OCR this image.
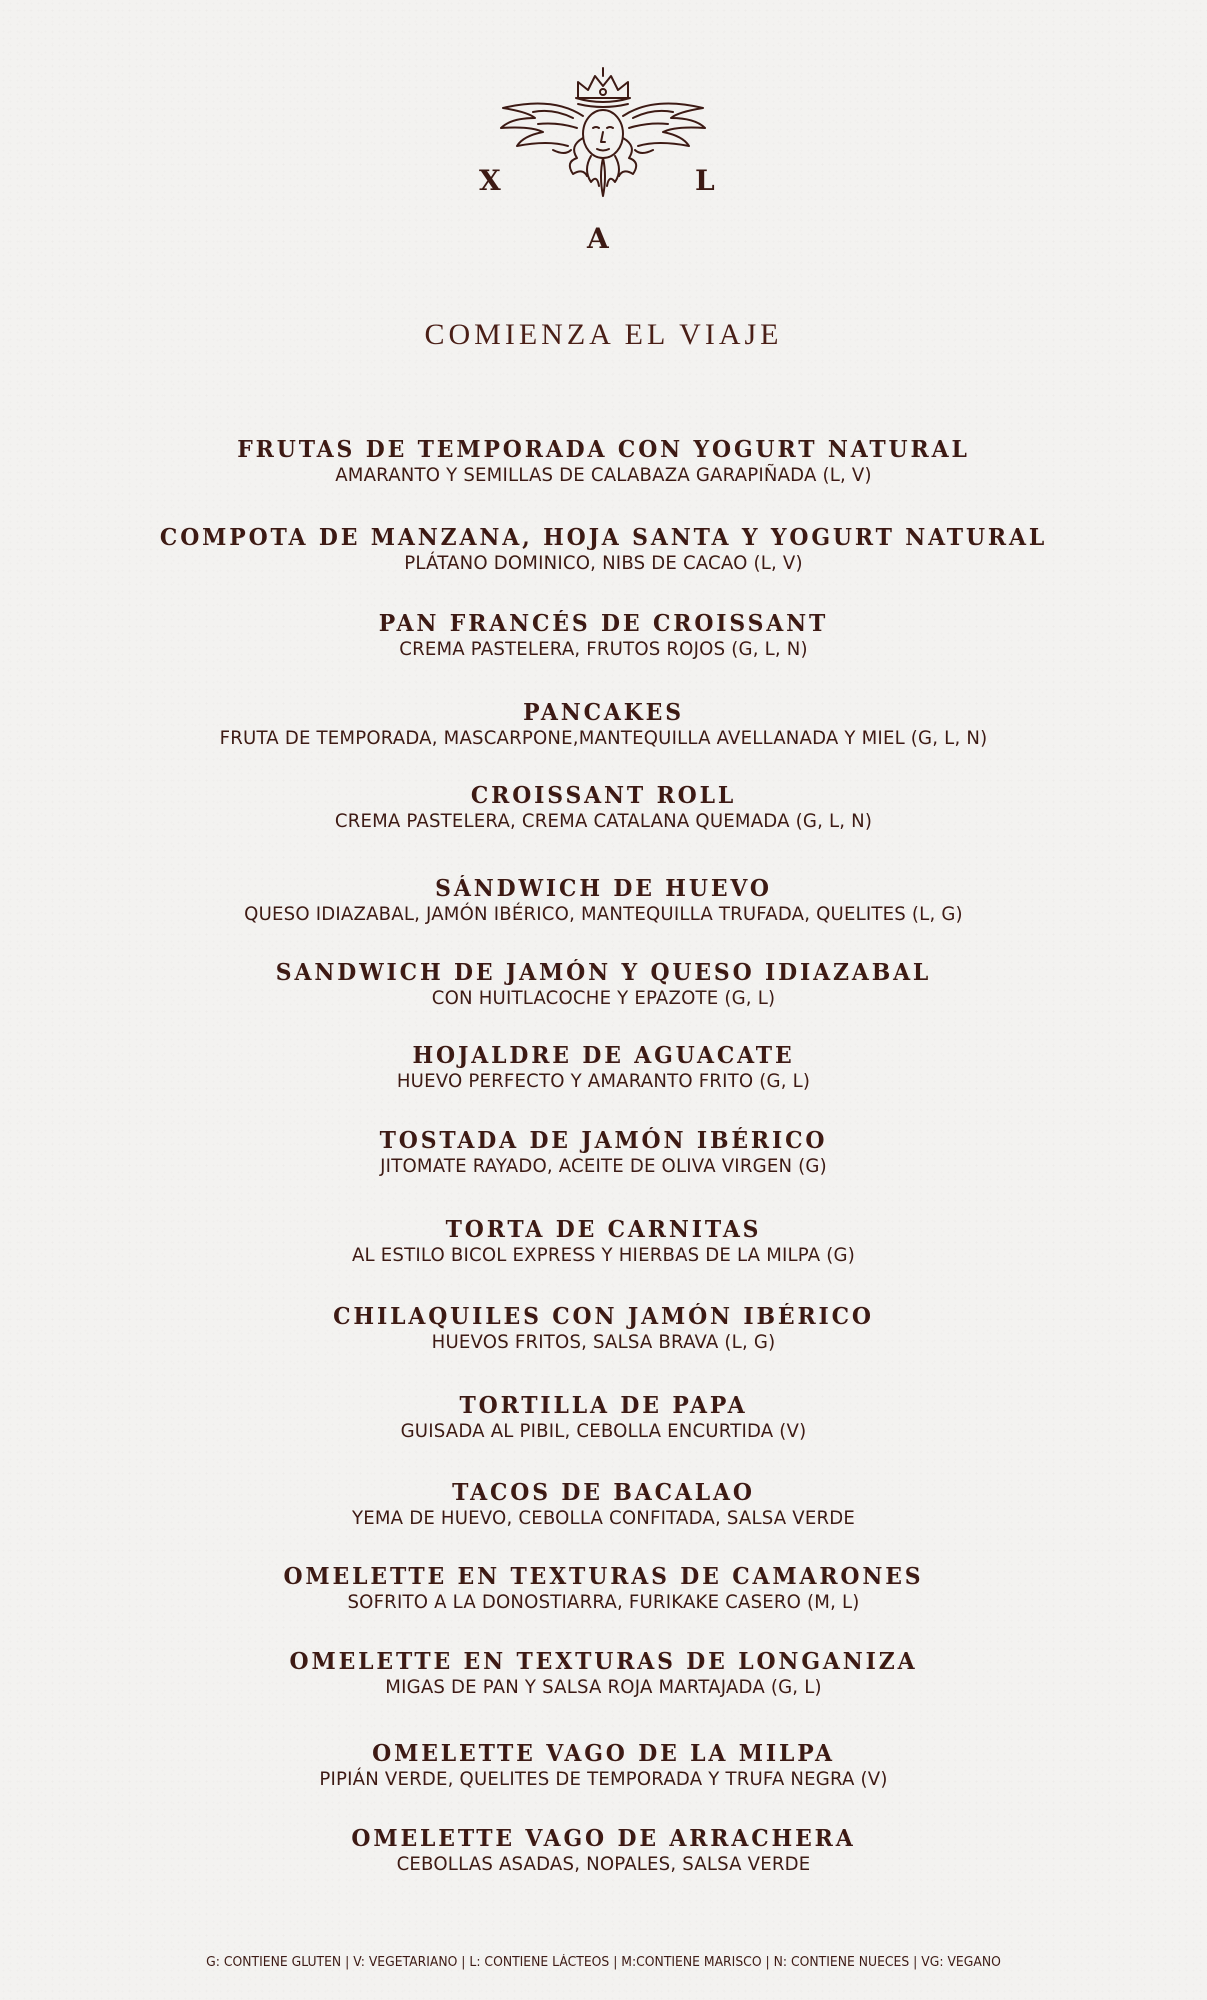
X	L
A
COMIENZA EL VIAJE
FRUTAS DE TEMPORADA CON YOGURT NATURAL
AMARANTO Y SEMILLAS DE CALABAZA GARAPIÑADA (L, V)
COMPOTA DE MANZANA, HOJA SANTA Y YOGURT NATURAL
PLÁTANO DOMINICO, NIBS DE CACAO (L, V)
PAN FRANCÉS DE CROISSANT
CREMA PASTELERA, FRUTOS ROJOS (G, L, N)
PANCAKES
FRUTA DE TEMPORADA, MASCARPONE,MANTEQUILLA AVELLANADA Y MIEL (G, L, N)
CROISSANT ROLL
CREMA PASTELERA, CREMA CATALANA QUEMADA (G, L, N)
SÁNDWICH DE HUEVO
QUESO IDIAZABAL, JAMÓN IBÉRICO, MANTEQUILLA TRUFADA, QUELITES (L, G)
SANDWICH DE JAMÓN Y QUESO IDIAZABAL
CON HUITLACOCHE Y EPAZOTE (G, L)
HOJALDRE DE AGUACATE
HUEVO PERFECTO Y AMARANTO FRITO (G, L)
TOSTADA DE JAMÓN IBÉRICO
JITOMATE RAYADO, ACEITE DE OLIVA VIRGEN (G)
TORTA DE CARNITAS
AL ESTILO BICOL EXPRESS Y HIERBAS DE LA MILPA (G)
CHILAQUILES CON JAMÓN IBÉRICO
HUEVOS FRITOS, SALSA BRAVA (L, G)
TORTILLA DE PAPA
GUISADA AL PIBIL, CEBOLLA ENCURTIDA (V)
TACOS DE BACALAO
YEMA DE HUEVO, CEBOLLA CONFITADA, SALSA VERDE
OMELETTE EN TEXTURAS DE CAMARONES
SOFRITO A LA DONOSTIARRA, FURIKAKE CASERO (M, L)
OMELETTE EN TEXTURAS DE LONGANIZA
MIGAS DE PAN Y SALSA ROJA MARTAJADA (G, L)
OMELETTE VAGO DE LA MILPA
PIPIÁN VERDE, QUELITES DE TEMPORADA Y TRUFA NEGRA (V)
OMELETTE VAGO DE ARRACHERA
CEBOLLAS ASADAS, NOPALES, SALSA VERDE
G: CONTIENE GLUTEN | V: VEGETARIANO | L: CONTIENE LÁCTEOS | M:CONTIENE MARISCO | N: CONTIENE NUECES | VG: VEGANO
